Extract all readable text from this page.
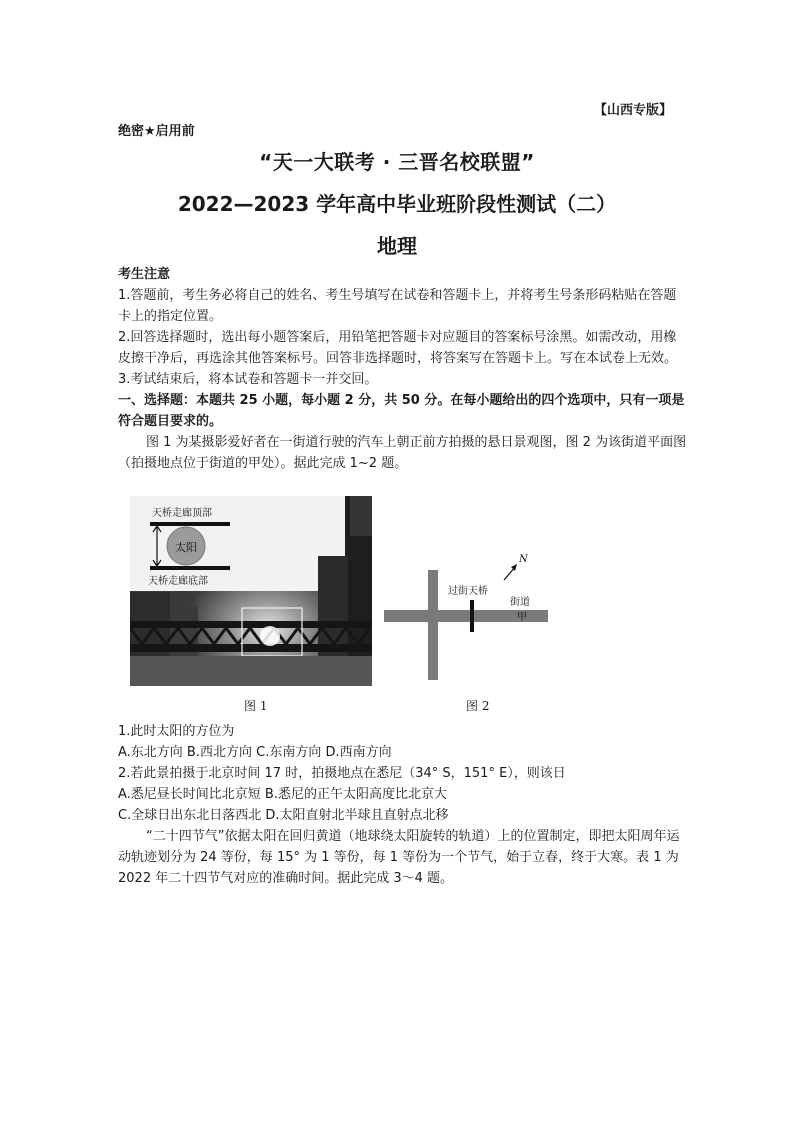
【山西专版】
绝密★启用前
“天一大联考 · 三晋名校联盟”
2022—2023 学年高中毕业班阶段性测试（二）
地理

考生注意

1.答题前，考生务必将自己的姓名、考生号填写在试卷和答题卡上，并将考生号条形码粘贴在答题卡上的指定位置。

2.回答选择题时，选出每小题答案后，用铅笔把答题卡对应题目的答案标号涂黑。如需改动，用橡皮擦干净后，再选涂其他答案标号。回答非选择题时，将答案写在答题卡上。写在本试卷上无效。

3.考试结束后，将本试卷和答题卡一并交回。

一、选择题：本题共 25 小题，每小题 2 分，共 50 分。在每小题给出的四个选项中，只有一项是符合题目要求的。

图 1 为某摄影爱好者在一街道行驶的汽车上朝正前方拍摄的悬日景观图，图 2 为该街道平面图（拍摄地点位于街道的甲处）。据此完成 1~2 题。

太阳
天桥走廊顶部
天桥走廊底部
图 1
N
过街天桥
街道
甲
图 2

1.此时太阳的方位为

A.东北方向 B.西北方向 C.东南方向 D.西南方向

2.若此景拍摄于北京时间 17 时，拍摄地点在悉尼（34° S，151° E），则该日

A.悉尼昼长时间比北京短 B.悉尼的正午太阳高度比北京大

C.全球日出东北日落西北 D.太阳直射北半球且直射点北移

“二十四节气”依据太阳在回归黄道（地球绕太阳旋转的轨道）上的位置制定，即把太阳周年运动轨迹划分为 24 等份，每 15° 为 1 等份，每 1 等份为一个节气，始于立春，终于大寒。表 1 为 2022 年二十四节气对应的准确时间。据此完成 3～4 题。
